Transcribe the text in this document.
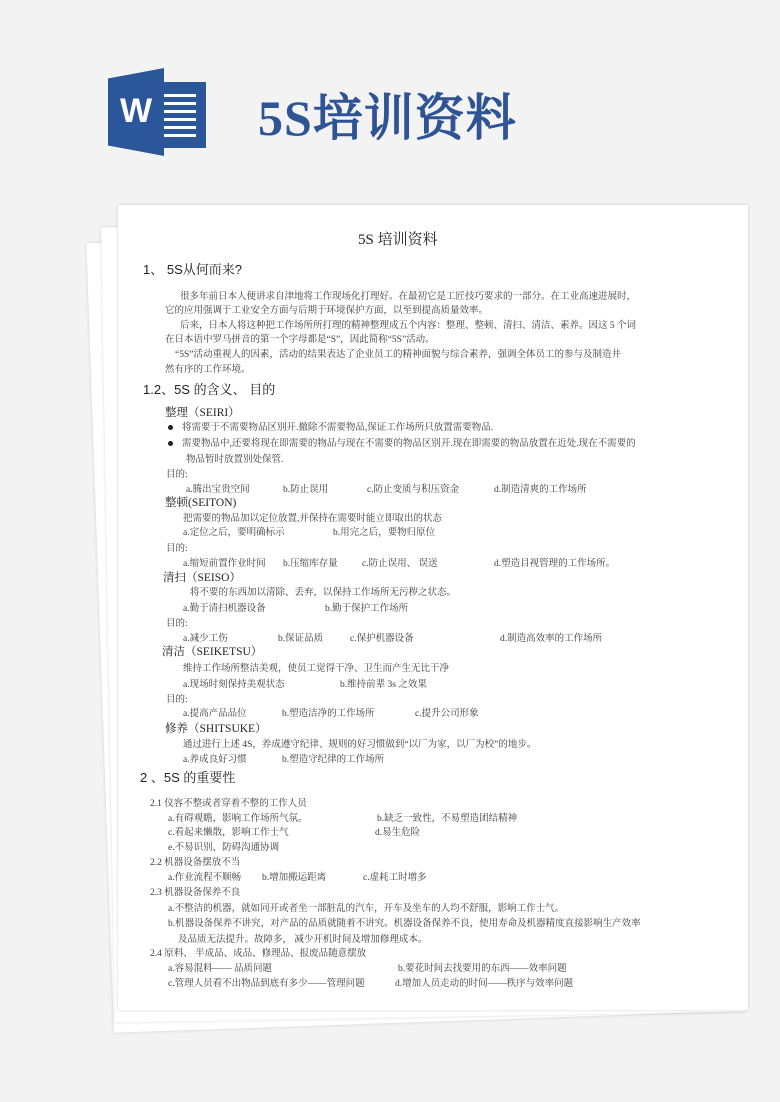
W 5S培训资料
5S 培训资料
1、 5S从何而来?
很多年前日本人便讲求自津地将工作现场化打理好。在最初它是工匠技巧要求的一部分。在工业高速进展时，
它的应用强调于工业安全方面与后期于环境保护方面，以至到提高质量效率。
后来，日本人将这种把工作场所所打理的精神整理成五个内容：整理、整顿、清扫、清洁、素养。因这 5 个词
在日本语中罗马拼音的第一个字母都是“S”，因此简称“5S”活动。
“5S”活动重视人的因素，活动的结果表达了企业员工的精神面貌与综合素养，强调全体员工的参与及制造井
然有序的工作环境。
1.2、5S 的含义、 目的
整理（SEIRI）
将需要于不需要物品区别开.撤除不需要物品,保证工作场所只放置需要物品.
需要物品中,还要将现在即需要的物品与现在不需要的物品区别开.现在即需要的物品放置在近处.现在不需要的
物品暂时放置别处保管.
目的:
a.腾出宝贵空间	b.防止误用	c.防止变质与积压资金	d.制造清爽的工作场所
整顿(SEITON)
把需要的物品加以定位放置,并保持在需要时能立即取出的状态
a.定位之后，要明确标示	b.用完之后，要物归原位
目的:
a.缩短前置作业时间 b.压缩库存量	c.防止误用、 误送	d.塑造目视管理的工作场所。
清扫（SEISO）
将不要的东西加以清除、丢弃，以保持工作场所无污秽之状态。
a.勤于清扫机器设备	b.勤于保护工作场所
目的:
a.减少工伤	b.保证品质	c.保护机器设备	d.制造高效率的工作场所
清洁（SEIKETSU）
维持工作场所整洁美观，使员工觉得干净、卫生而产生无比干净
a.现场时刻保持美观状态	b.维持前辈 3s 之效果
目的:
a.提高产品品位	b.塑造洁净的工作场所	c.提升公司形象
修养（SHITSUKE）
通过进行上述 4S，养成遵守纪律、规则的好习惯做到“以厂为家，以厂为校”的地步。
a.养成良好习惯	b.塑造守纪律的工作场所
2 、5S 的重要性
2.1 仪容不整或者穿着不整的工作人员
a.有碍观瞻，影响工作场所气氛。	b.缺乏一致性，不易塑造团结精神
c.看起来懒散，影响工作士气	d.易生危险
e.不易识别，防碍沟通协调
2.2 机器设备摆放不当
a.作业流程不顺畅 b.增加搬运距离	c.虚耗工时增多
2.3 机器设备保养不良
a.不整洁的机器，就如同开或者坐一部脏乱的汽车，开车及坐车的人均不舒服，影响工作士气。
b.机器设备保养不讲究，对产品的品质就随着不讲究。机器设备保养不良，使用寿命及机器精度直接影响生产效率
及品质无法提升。故障多， 减少开机时间及增加修理成本。
2.4 原料、 半成品、成品、修理品、报废品随意摆放
a.容易混料—— 品质问题	b.要花时间去找要用的东西——效率问题
c.管理人员看不出物品到底有多少——管理问题	d.增加人员走动的时间——秩序与效率问题
